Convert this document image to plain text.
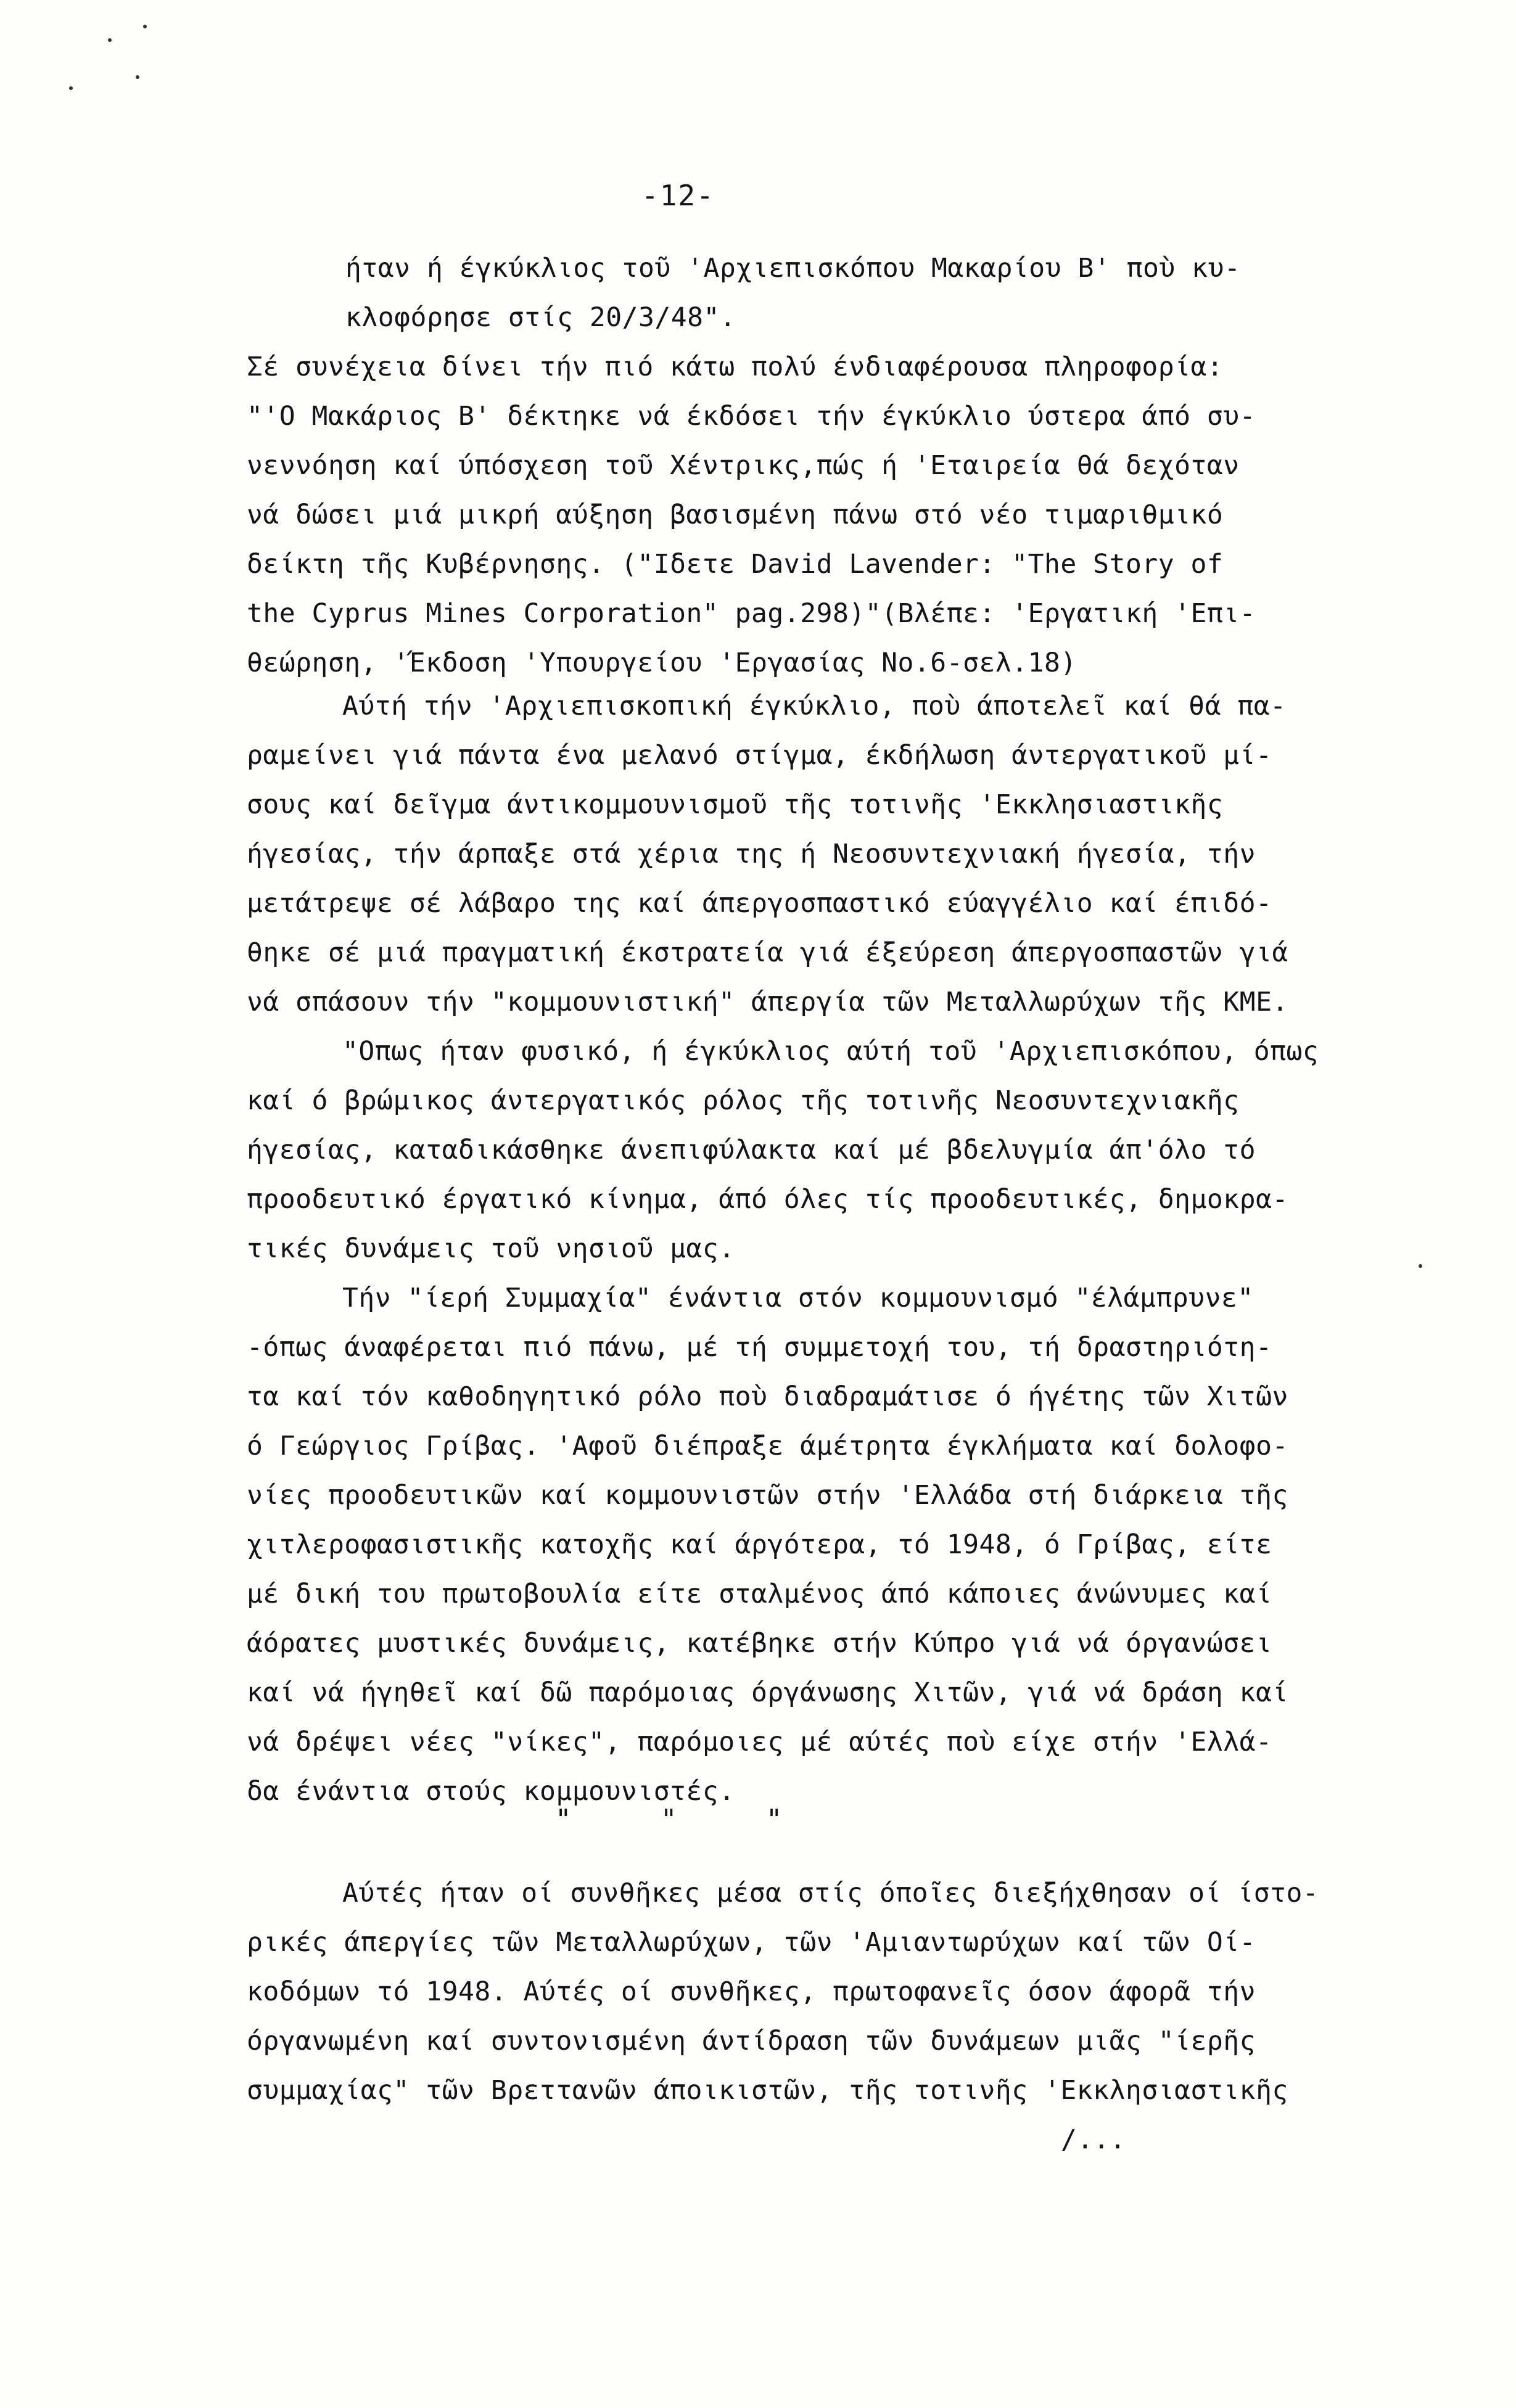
-12-
ήταν ή έγκύκλιος τοῦ 'Αρχιεπισκόπου Μακαρίου Β' ποὺ κυ-
κλοφόρησε στίς 20/3/48".
Σέ συνέχεια δίνει τήν πιό κάτω πολύ ένδιαφέρουσα πληροφορία:
"'Ο Μακάριος Β' δέκτηκε νά έκδόσει τήν έγκύκλιο ύστερα άπό συ-
νεννόηση καί ύπόσχεση τοῦ Χέντρικς,πώς ή 'Εταιρεία θά δεχόταν
νά δώσει μιά μικρή αύξηση βασισμένη πάνω στό νέο τιμαριθμικό
δείκτη τῆς Κυβέρνησης. ("Ιδετε David Lavender: "The Story of
the Cyprus Mines Corporation" pag.298)"(Βλέπε: 'Εργατική 'Επι-
θεώρηση, 'Έκδοση 'Υπουργείου 'Εργασίας No.6-σελ.18)
Αύτή τήν 'Αρχιεπισκοπική έγκύκλιο, ποὺ άποτελεῖ καί θά πα-
ραμείνει γιά πάντα ένα μελανό στίγμα, έκδήλωση άντεργατικοῦ μί-
σους καί δεῖγμα άντικομμουνισμοῦ τῆς τοτινῆς 'Εκκλησιαστικῆς
ήγεσίας, τήν άρπαξε στά χέρια της ή Νεοσυντεχνιακή ήγεσία, τήν
μετάτρεψε σέ λάβαρο της καί άπεργοσπαστικό εύαγγέλιο καί έπιδό-
θηκε σέ μιά πραγματική έκστρατεία γιά έξεύρεση άπεργοσπαστῶν γιά
νά σπάσουν τήν "κομμουνιστική" άπεργία τῶν Μεταλλωρύχων τῆς ΚΜΕ.
"Οπως ήταν φυσικό, ή έγκύκλιος αύτή τοῦ 'Αρχιεπισκόπου, όπως
καί ό βρώμικος άντεργατικός ρόλος τῆς τοτινῆς Νεοσυντεχνιακῆς
ήγεσίας, καταδικάσθηκε άνεπιφύλακτα καί μέ βδελυγμία άπ'όλο τό
προοδευτικό έργατικό κίνημα, άπό όλες τίς προοδευτικές, δημοκρα-
τικές δυνάμεις τοῦ νησιοῦ μας.
Τήν "ίερή Συμμαχία" ένάντια στόν κομμουνισμό "έλάμπρυνε"
-όπως άναφέρεται πιό πάνω, μέ τή συμμετοχή του, τή δραστηριότη-
τα καί τόν καθοδηγητικό ρόλο ποὺ διαδραμάτισε ό ήγέτης τῶν Χιτῶν
ό Γεώργιος Γρίβας. 'Αφοῦ διέπραξε άμέτρητα έγκλήματα καί δολοφο-
νίες προοδευτικῶν καί κομμουνιστῶν στήν 'Ελλάδα στή διάρκεια τῆς
χιτλεροφασιστικῆς κατοχῆς καί άργότερα, τό 1948, ό Γρίβας, είτε
μέ δική του πρωτοβουλία είτε σταλμένος άπό κάποιες άνώνυμες καί
άόρατες μυστικές δυνάμεις, κατέβηκε στήν Κύπρο γιά νά όργανώσει
καί νά ήγηθεῖ καί δῶ παρόμοιας όργάνωσης Χιτῶν, γιά νά δράση καί
νά δρέψει νέες "νίκες", παρόμοιες μέ αύτές ποὺ είχε στήν 'Ελλά-
δα ένάντια στούς κομμουνιστές.
Αύτές ήταν οί συνθῆκες μέσα στίς όποῖες διεξήχθησαν οί ίστο-
ρικές άπεργίες τῶν Μεταλλωρύχων, τῶν 'Αμιαντωρύχων καί τῶν Οί-
κοδόμων τό 1948. Αύτές οί συνθῆκες, πρωτοφανεῖς όσον άφορᾶ τήν
όργανωμένη καί συντονισμένη άντίδραση τῶν δυνάμεων μιᾶς "ίερῆς
συμμαχίας" τῶν Βρεττανῶν άποικιστῶν, τῆς τοτινῆς 'Εκκλησιαστικῆς
"     "     "
/...
